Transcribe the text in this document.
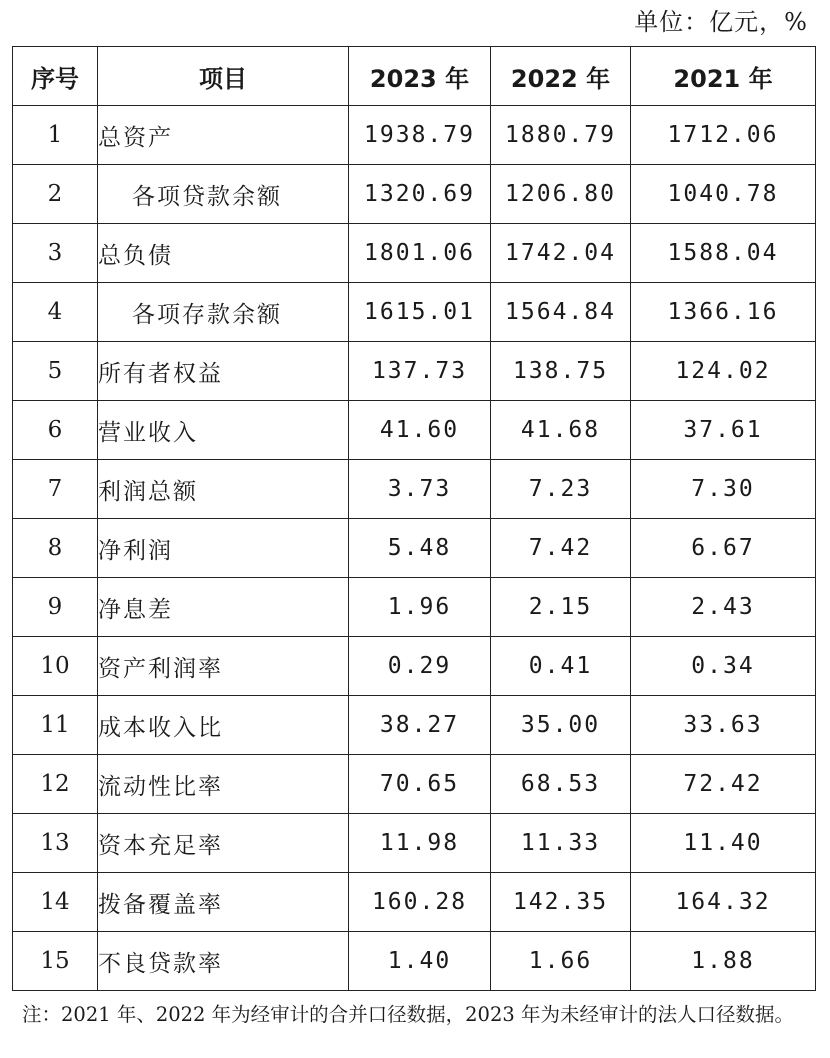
单位：亿元，%
序号	项目	2023 年	2022 年	2021 年
1	总资产	1938.79	1880.79	1712.06
2	各项贷款余额	1320.69	1206.80	1040.78
3	总负债	1801.06	1742.04	1588.04
4	各项存款余额	1615.01	1564.84	1366.16
5	所有者权益	137.73	138.75	124.02
6	营业收入	41.60	41.68	37.61
7	利润总额	3.73	7.23	7.30
8	净利润	5.48	7.42	6.67
9	净息差	1.96	2.15	2.43
10	资产利润率	0.29	0.41	0.34
11	成本收入比	38.27	35.00	33.63
12	流动性比率	70.65	68.53	72.42
13	资本充足率	11.98	11.33	11.40
14	拨备覆盖率	160.28	142.35	164.32
15	不良贷款率	1.40	1.66	1.88
注：2021 年、2022 年为经审计的合并口径数据，2023 年为未经审计的法人口径数据。
